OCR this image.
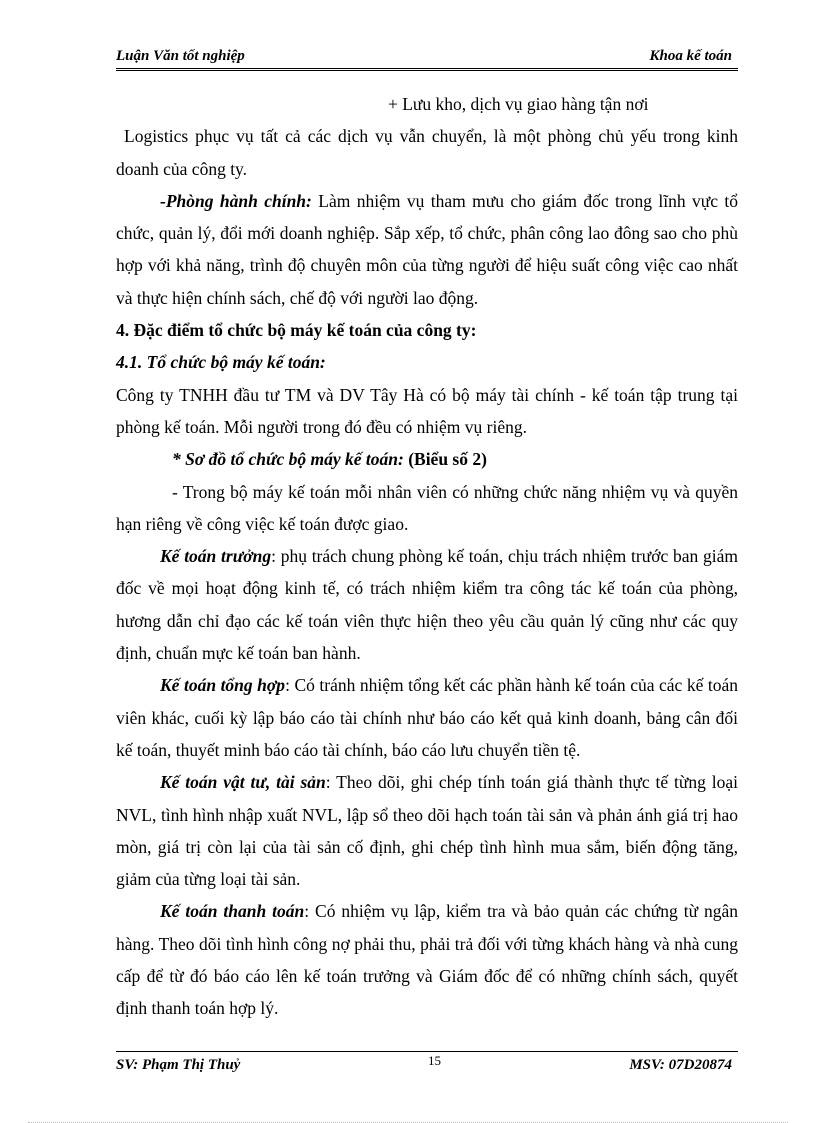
Luận Văn tốt nghiệp	Khoa kế toán

+ Lưu kho, dịch vụ giao hàng tận nơi

Logistics phục vụ tất cả các dịch vụ vẫn chuyển, là một phòng chủ yếu trong kinh doanh của công ty.

-Phòng hành chính: Làm nhiệm vụ tham mưu cho giám đốc trong lĩnh vực tổ chức, quản lý, đổi mới doanh nghiệp. Sắp xếp, tổ chức, phân công lao đông sao cho phù hợp với khả năng, trình độ chuyên môn của từng người để hiệu suất công việc cao nhất và thực hiện chính sách, chế độ với người lao động.

4. Đặc điểm tổ chức bộ máy kế toán của công ty:

4.1. Tổ chức bộ máy kế toán:

Công ty TNHH đầu tư TM và DV Tây Hà có bộ máy tài chính - kế toán tập trung tại phòng kế toán. Mỗi người trong đó đều có nhiệm vụ riêng.

* Sơ đồ tổ chức bộ máy kế toán: (Biểu số 2)

- Trong bộ máy kế toán mỗi nhân viên có những chức năng nhiệm vụ và quyền hạn riêng về công việc kế toán được giao.

Kế toán trưởng: phụ trách chung phòng kế toán, chịu trách nhiệm trước ban giám đốc về mọi hoạt động kinh tế, có trách nhiệm kiểm tra công tác kế toán của phòng, hương dẫn chỉ đạo các kế toán viên thực hiện theo yêu cầu quản lý cũng như các quy định, chuẩn mực kế toán ban hành.

Kế toán tổng hợp: Có tránh nhiệm tổng kết các phần hành kế toán của các kế toán viên khác, cuối kỳ lập báo cáo tài chính như báo cáo kết quả kinh doanh, bảng cân đối kế toán, thuyết minh báo cáo tài chính, báo cáo lưu chuyển tiền tệ.

Kế toán vật tư, tài sản: Theo dõi, ghi chép tính toán giá thành thực tế từng loại NVL, tình hình nhập xuất NVL, lập sổ theo dõi hạch toán tài sản và phản ánh giá trị hao mòn, giá trị còn lại của tài sản cố định, ghi chép tình hình mua sắm, biến động tăng, giảm của từng loại tài sản.

Kế toán thanh toán: Có nhiệm vụ lập, kiểm tra và bảo quản các chứng từ ngân hàng. Theo dõi tình hình công nợ phải thu, phải trả đối với từng khách hàng và nhà cung cấp để từ đó báo cáo lên kế toán trưởng và Giám đốc để có những chính sách, quyết định thanh toán hợp lý.

SV: Phạm Thị Thuỷ	15	MSV: 07D20874
